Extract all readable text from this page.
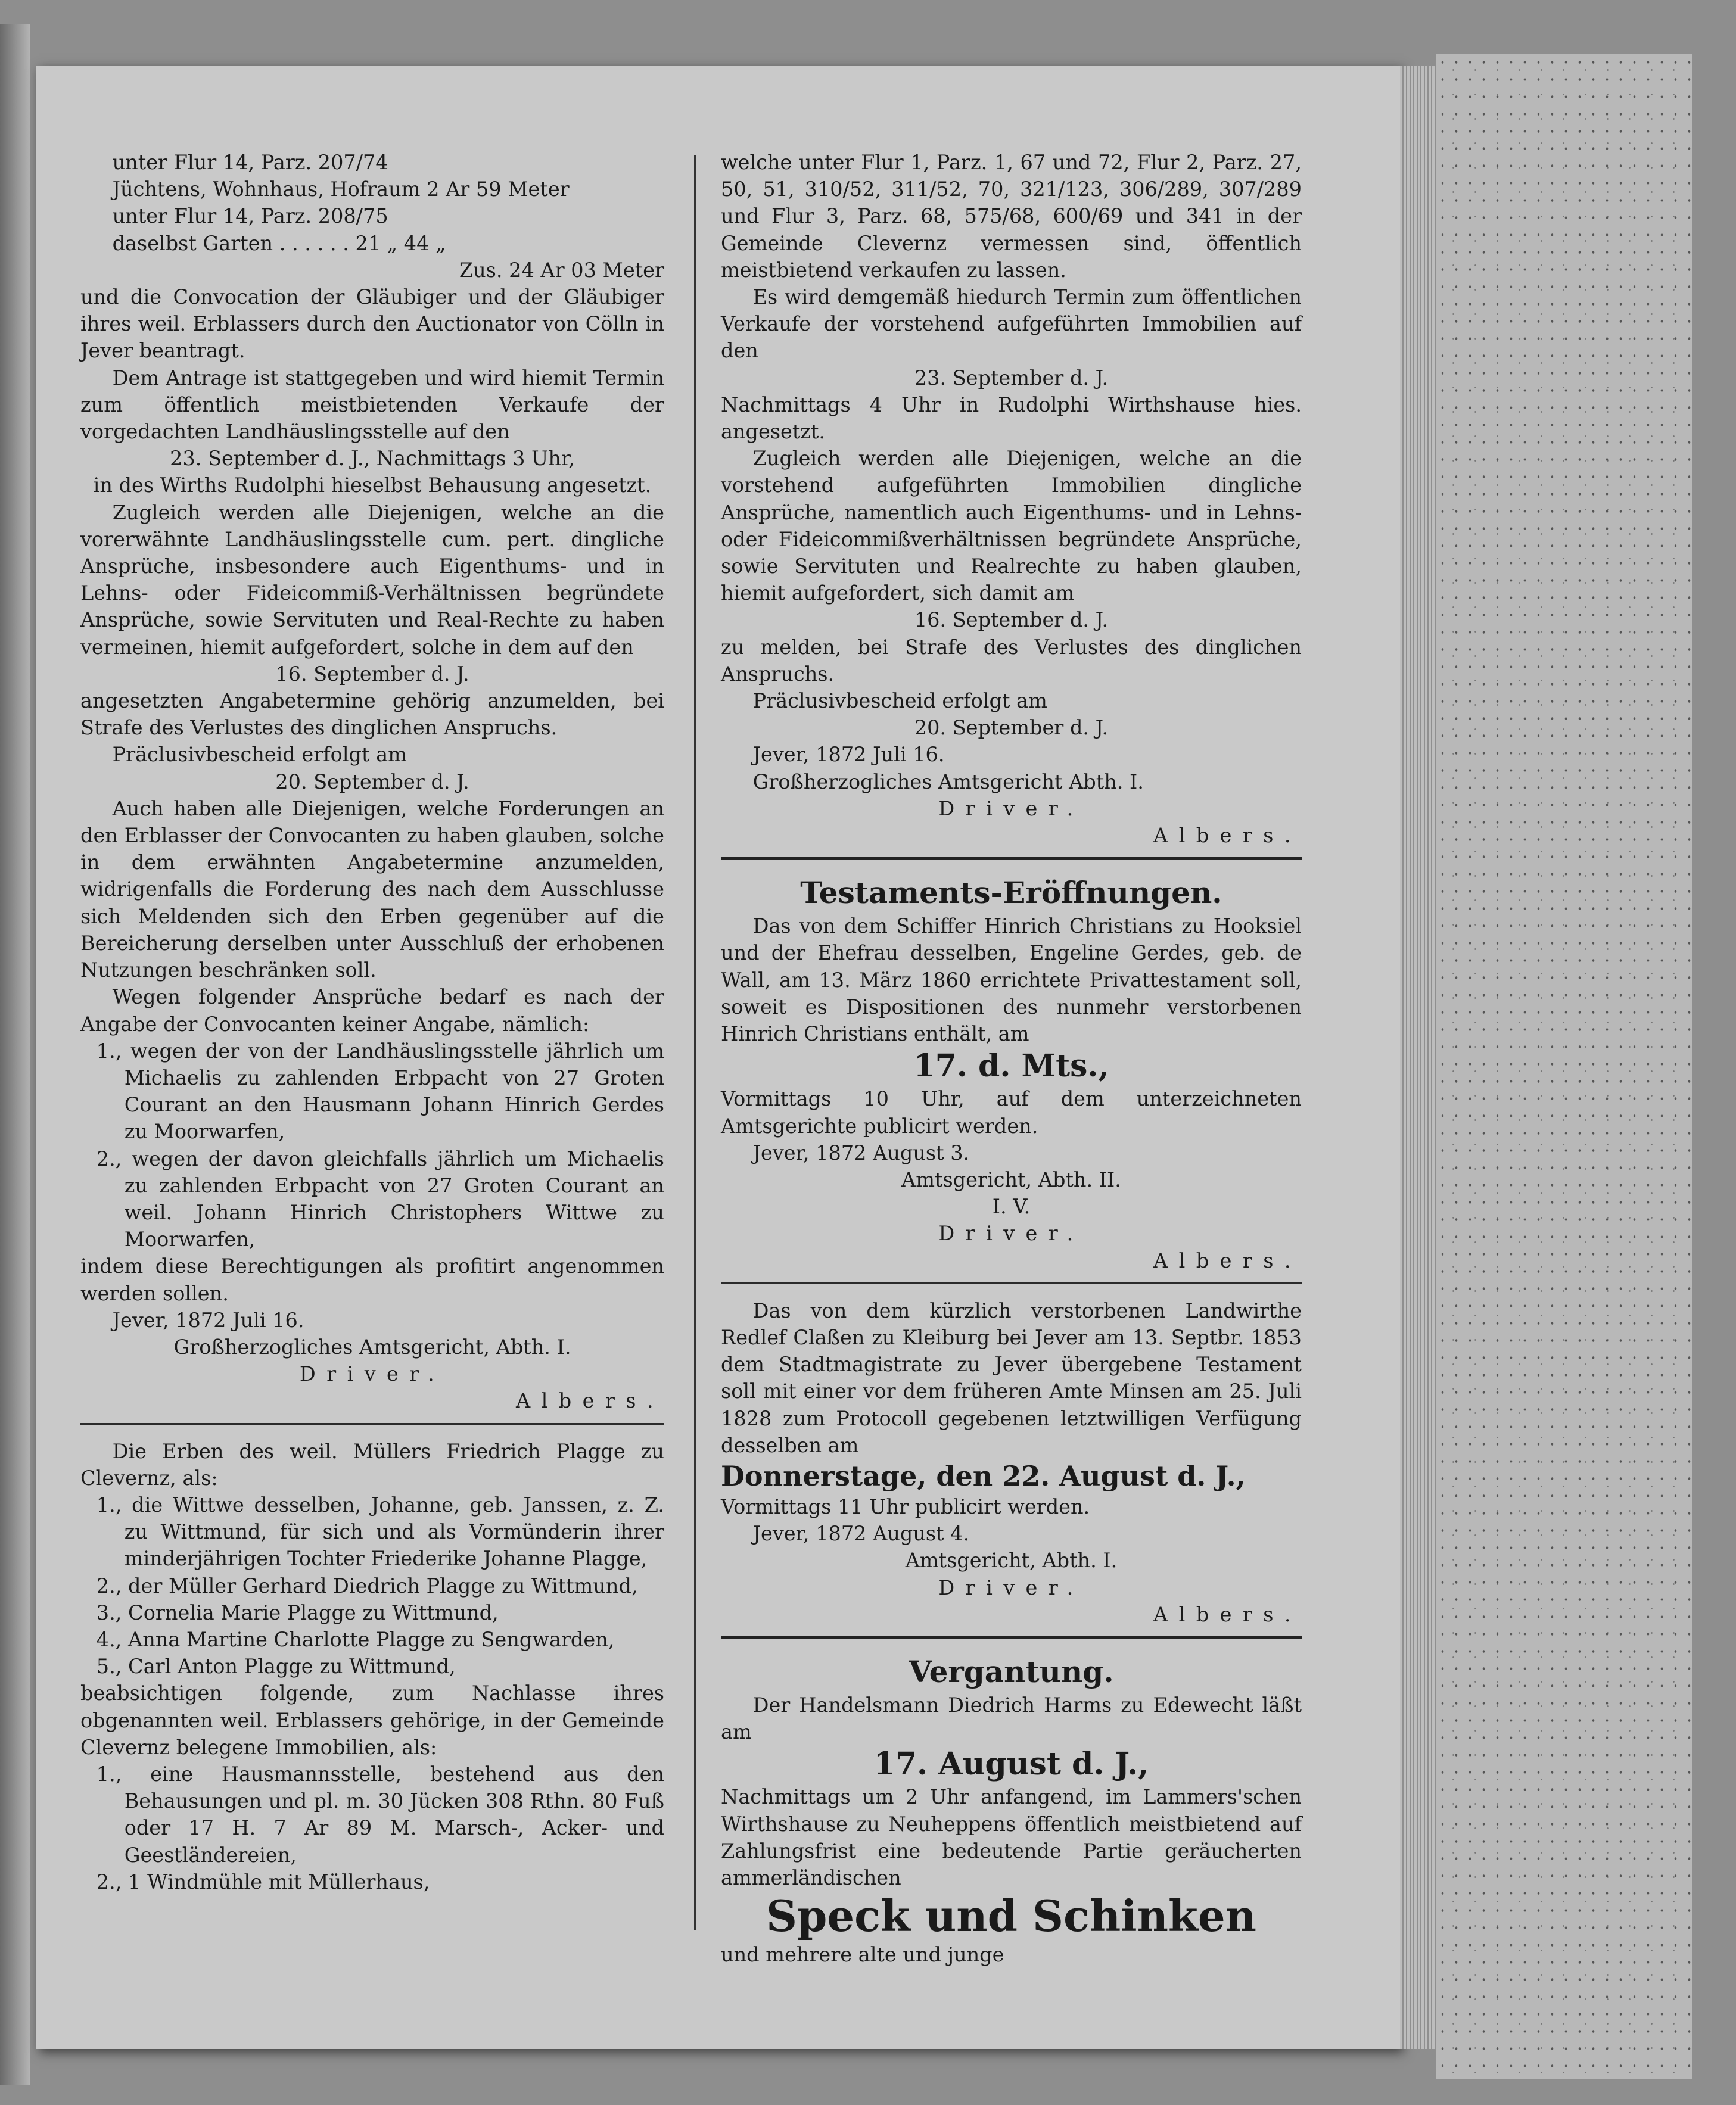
unter Flur 14, Parz. 207/74
Jüchtens, Wohnhaus, Hofraum 2 Ar 59 Meter
unter Flur 14, Parz. 208/75
daselbst Garten . . . . . . 21 „ 44 „
Zus. 24 Ar 03 Meter
und die Convocation der Gläubiger und der Gläubiger ihres weil. Erblassers durch den Auctionator von Cölln in Jever beantragt.
Dem Antrage ist stattgegeben und wird hiemit Termin zum öffentlich meistbietenden Verkaufe der vorgedachten Landhäuslingsstelle auf den
23. September d. J., Nachmittags 3 Uhr,
in des Wirths Rudolphi hieselbst Behausung angesetzt.
Zugleich werden alle Diejenigen, welche an die vorerwähnte Landhäuslingsstelle cum. pert. dingliche Ansprüche, insbesondere auch Eigenthums- und in Lehns- oder Fideicommiß-Verhältnissen begründete Ansprüche, sowie Servituten und Real-Rechte zu haben vermeinen, hiemit aufgefordert, solche in dem auf den
16. September d. J.
angesetzten Angabetermine gehörig anzumelden, bei Strafe des Verlustes des dinglichen Anspruchs.
Präclusivbescheid erfolgt am
20. September d. J.
Auch haben alle Diejenigen, welche Forderungen an den Erblasser der Convocanten zu haben glauben, solche in dem erwähnten Angabetermine anzumelden, widrigenfalls die Forderung des nach dem Ausschlusse sich Meldenden sich den Erben gegenüber auf die Bereicherung derselben unter Ausschluß der erhobenen Nutzungen beschränken soll.
Wegen folgender Ansprüche bedarf es nach der Angabe der Convocanten keiner Angabe, nämlich:
1., wegen der von der Landhäuslingsstelle jährlich um Michaelis zu zahlenden Erbpacht von 27 Groten Courant an den Hausmann Johann Hinrich Gerdes zu Moorwarfen,
2., wegen der davon gleichfalls jährlich um Michaelis zu zahlenden Erbpacht von 27 Groten Courant an weil. Johann Hinrich Christophers Wittwe zu Moorwarfen,
indem diese Berechtigungen als profitirt angenommen werden sollen.
Jever, 1872 Juli 16.
Großherzogliches Amtsgericht, Abth. I.
Driver.
Albers.
Die Erben des weil. Müllers Friedrich Plagge zu Clevernz, als:
1., die Wittwe desselben, Johanne, geb. Janssen, z. Z. zu Wittmund, für sich und als Vormünderin ihrer minderjährigen Tochter Friederike Johanne Plagge,
2., der Müller Gerhard Diedrich Plagge zu Wittmund,
3., Cornelia Marie Plagge zu Wittmund,
4., Anna Martine Charlotte Plagge zu Sengwarden,
5., Carl Anton Plagge zu Wittmund,
beabsichtigen folgende, zum Nachlasse ihres obgenannten weil. Erblassers gehörige, in der Gemeinde Clevernz belegene Immobilien, als:
1., eine Hausmannsstelle, bestehend aus den Behausungen und pl. m. 30 Jücken 308 Rthn. 80 Fuß oder 17 H. 7 Ar 89 M. Marsch-, Acker- und Geestländereien,
2., 1 Windmühle mit Müllerhaus,
welche unter Flur 1, Parz. 1, 67 und 72, Flur 2, Parz. 27, 50, 51, 310/52, 311/52, 70, 321/123, 306/289, 307/289 und Flur 3, Parz. 68, 575/68, 600/69 und 341 in der Gemeinde Clevernz vermessen sind, öffentlich meistbietend verkaufen zu lassen.
Es wird demgemäß hiedurch Termin zum öffentlichen Verkaufe der vorstehend aufgeführten Immobilien auf den
23. September d. J.
Nachmittags 4 Uhr in Rudolphi Wirthshause hies. angesetzt.
Zugleich werden alle Diejenigen, welche an die vorstehend aufgeführten Immobilien dingliche Ansprüche, namentlich auch Eigenthums- und in Lehns- oder Fideicommißverhältnissen begründete Ansprüche, sowie Servituten und Realrechte zu haben glauben, hiemit aufgefordert, sich damit am
16. September d. J.
zu melden, bei Strafe des Verlustes des dinglichen Anspruchs.
Präclusivbescheid erfolgt am
20. September d. J.
Jever, 1872 Juli 16.
Großherzogliches Amtsgericht Abth. I.
Driver.
Albers.
Testaments-Eröffnungen.
Das von dem Schiffer Hinrich Christians zu Hooksiel und der Ehefrau desselben, Engeline Gerdes, geb. de Wall, am 13. März 1860 errichtete Privattestament soll, soweit es Dispositionen des nunmehr verstorbenen Hinrich Christians enthält, am
17. d. Mts.,
Vormittags 10 Uhr, auf dem unterzeichneten Amtsgerichte publicirt werden.
Jever, 1872 August 3.
Amtsgericht, Abth. II.
I. V.
Driver.
Albers.
Das von dem kürzlich verstorbenen Landwirthe Redlef Claßen zu Kleiburg bei Jever am 13. Septbr. 1853 dem Stadtmagistrate zu Jever übergebene Testament soll mit einer vor dem früheren Amte Minsen am 25. Juli 1828 zum Protocoll gegebenen letztwilligen Verfügung desselben am
Donnerstage, den 22. August d. J.,
Vormittags 11 Uhr publicirt werden.
Jever, 1872 August 4.
Amtsgericht, Abth. I.
Driver.
Albers.
Vergantung.
Der Handelsmann Diedrich Harms zu Edewecht läßt am
17. August d. J.,
Nachmittags um 2 Uhr anfangend, im Lammers'schen Wirthshause zu Neuheppens öffentlich meistbietend auf Zahlungsfrist eine bedeutende Partie geräucherten ammerländischen
Speck und Schinken
und mehrere alte und junge
